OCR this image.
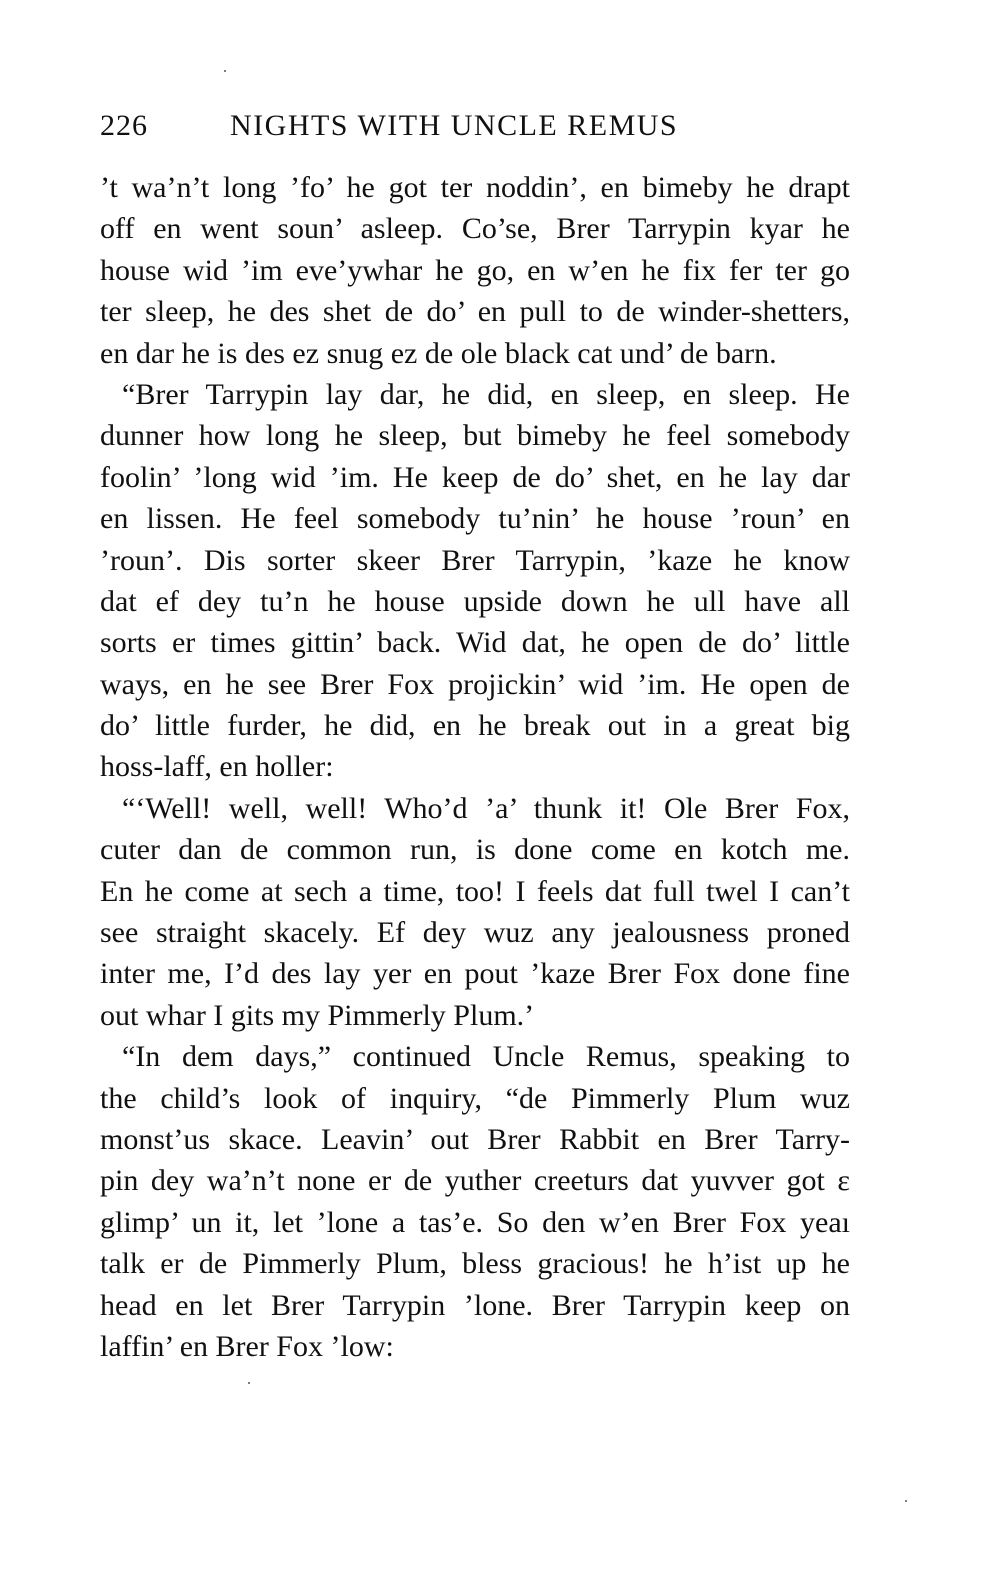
226	NIGHTS WITH UNCLE REMUS
’t wa’n’t long ’fo’ he got ter noddin’, en bimeby he drapt
off en went soun’ asleep. Co’se, Brer Tarrypin kyar he
house wid ’im eve’ywhar he go, en w’en he fix fer ter go
ter sleep, he des shet de do’ en pull to de winder-shetters,
en dar he is des ez snug ez de ole black cat und’ de barn.
“Brer Tarrypin lay dar, he did, en sleep, en sleep. He
dunner how long he sleep, but bimeby he feel somebody
foolin’ ’long wid ’im. He keep de do’ shet, en he lay dar
en lissen. He feel somebody tu’nin’ he house ’roun’ en
’roun’. Dis sorter skeer Brer Tarrypin, ’kaze he know
dat ef dey tu’n he house upside down he ull have all
sorts er times gittin’ back. Wid dat, he open de do’ little
ways, en he see Brer Fox projickin’ wid ’im. He open de
do’ little furder, he did, en he break out in a great big
hoss-laff, en holler:
“‘Well! well, well! Who’d ’a’ thunk it! Ole Brer Fox,
cuter dan de common run, is done come en kotch me.
En he come at sech a time, too! I feels dat full twel I can’t
see straight skacely. Ef dey wuz any jealousness proned
inter me, I’d des lay yer en pout ’kaze Brer Fox done fine
out whar I gits my Pimmerly Plum.’
“In dem days,” continued Uncle Remus, speaking to
the child’s look of inquiry, “de Pimmerly Plum wuz
monst’us skace. Leavin’ out Brer Rabbit en Brer Tarry-
pin dey wa’n’t none er de yuther creeturs dat yuvver got ε
glimp’ un it, let ’lone a tas’e. So den w’en Brer Fox yeaı
talk er de Pimmerly Plum, bless gracious! he h’ist up he
head en let Brer Tarrypin ’lone. Brer Tarrypin keep on
laffin’ en Brer Fox ’low:
